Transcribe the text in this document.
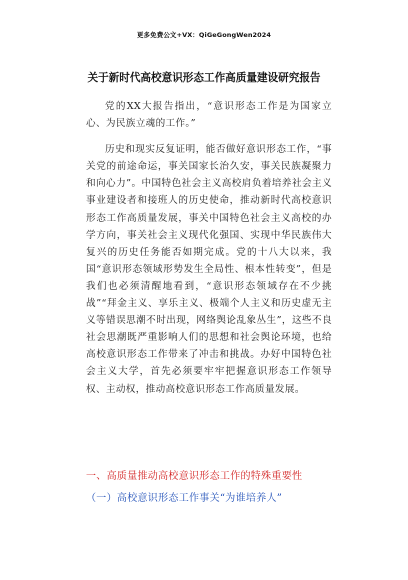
更多免费公文+VX：QiGeGongWen2024
关于新时代高校意识形态工作高质量建设研究报告

党的XX大报告指出，“意识形态工作是为国家立心、为民族立魂的工作。”

历史和现实反复证明，能否做好意识形态工作，“事关党的前途命运，事关国家长治久安，事关民族凝聚力和向心力”。中国特色社会主义高校肩负着培养社会主义事业建设者和接班人的历史使命，推动新时代高校意识形态工作高质量发展，事关中国特色社会主义高校的办学方向，事关社会主义现代化强国、实现中华民族伟大复兴的历史任务能否如期完成。党的十八大以来，我国“意识形态领域形势发生全局性、根本性转变”，但是我们也必须清醒地看到，“意识形态领域存在不少挑战”“拜金主义、享乐主义、极端个人主义和历史虚无主义等错误思潮不时出现，网络舆论乱象丛生”，这些不良社会思潮既严重影响人们的思想和社会舆论环境，也给高校意识形态工作带来了冲击和挑战。办好中国特色社会主义大学，首先必须要牢牢把握意识形态工作领导权、主动权，推动高校意识形态工作高质量发展。

一、高质量推动高校意识形态工作的特殊重要性
（一）高校意识形态工作事关“为谁培养人”
